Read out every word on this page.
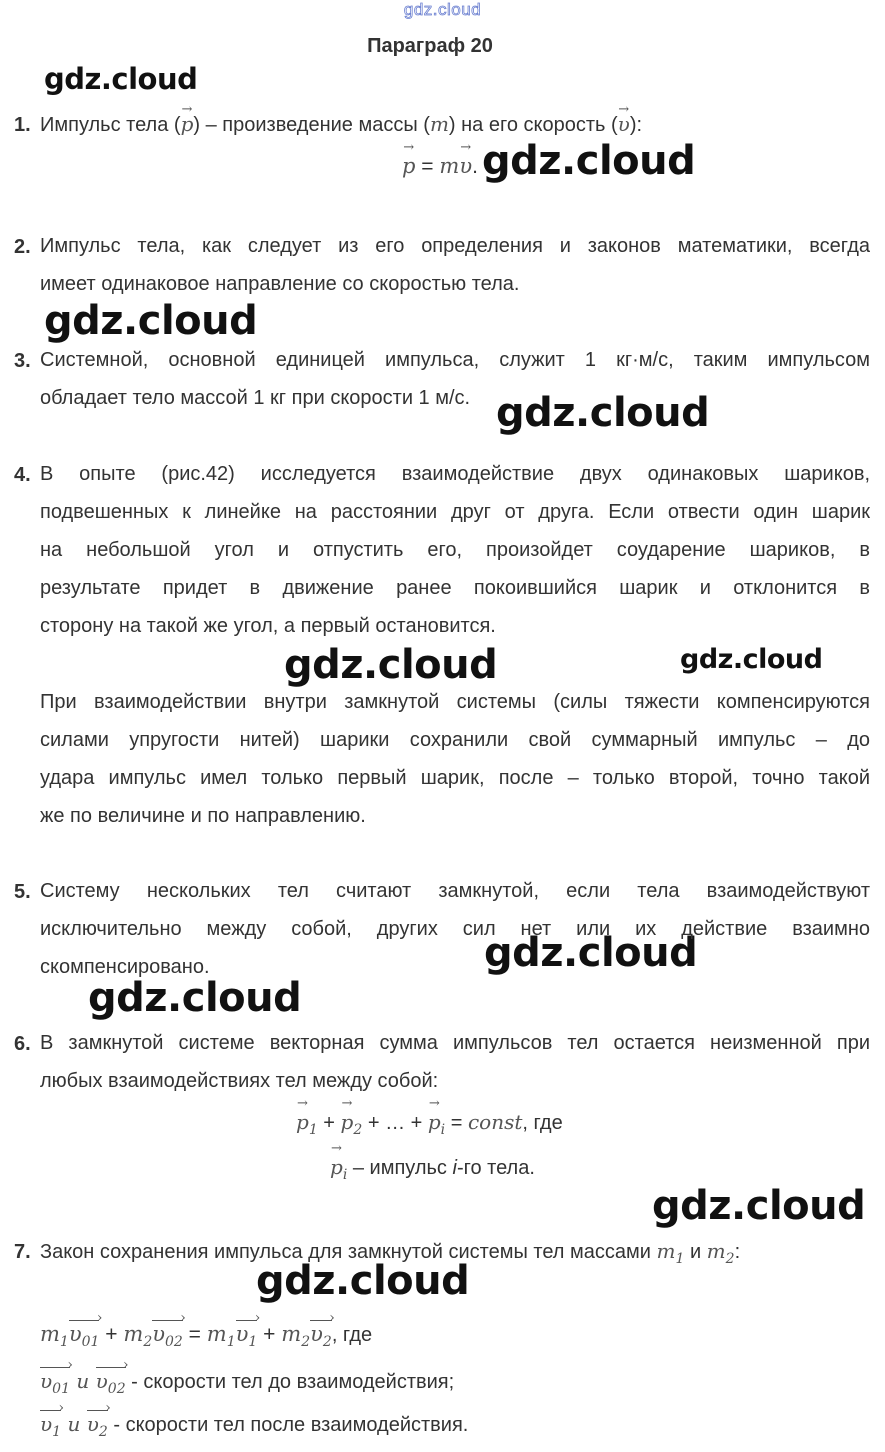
gdz.cloud
Параграф 20
gdz.cloud
gdz.cloud
gdz.cloud
gdz.cloud
gdz.cloud	gdz.cloud
gdz.cloud
gdz.cloud
gdz.cloud
gdz.cloud
1. Импульс тела (→ p) – произведение массы (m) на его скорость (→ υ):
→ p = m→ υ.
2. Импульс тела, как следует из его определения и законов математики, всегда
имеет одинаковое направление со скоростью тела.
3. Системной, основной единицей импульса, служит 1 кг·м/с, таким импульсом
обладает тело массой 1 кг при скорости 1 м/с.
4. В опыте (рис.42) исследуется взаимодействие двух одинаковых шариков,
подвешенных к линейке на расстоянии друг от друга. Если отвести один шарик
на небольшой угол и отпустить его, произойдет соударение шариков, в
результате придет в движение ранее покоившийся шарик и отклонится в
сторону на такой же угол, а первый остановится.
При взаимодействии внутри замкнутой системы (силы тяжести компенсируются
силами упругости нитей) шарики сохранили свой суммарный импульс – до
удара импульс имел только первый шарик, после – только второй, точно такой
же по величине и по направлению.
5. Систему нескольких тел считают замкнутой, если тела взаимодействуют
исключительно между собой, других сил нет или их действие взаимно
скомпенсировано.
6. В замкнутой системе векторная сумма импульсов тел остается неизменной при
любых взаимодействиях тел между собой:
→ $p_1$ + → $p_2$ + … + → $p_i$ = const, где
→ $p_i$ – импульс i-го тела.
7. Закон сохранения импульса для замкнутой системы тел массами $m_1$ и $m_2$:
$m_1\upsilon_{01}$ › + $m_2\upsilon_{02}$ › = $m_1\upsilon_1$ › + $m_2\upsilon_2$ ›, где
$\upsilon_{01}$ › и $\upsilon_{02}$ › - скорости тел до взаимодействия;
$\upsilon_1$ › и $\upsilon_2$ › - скорости тел после взаимодействия.
